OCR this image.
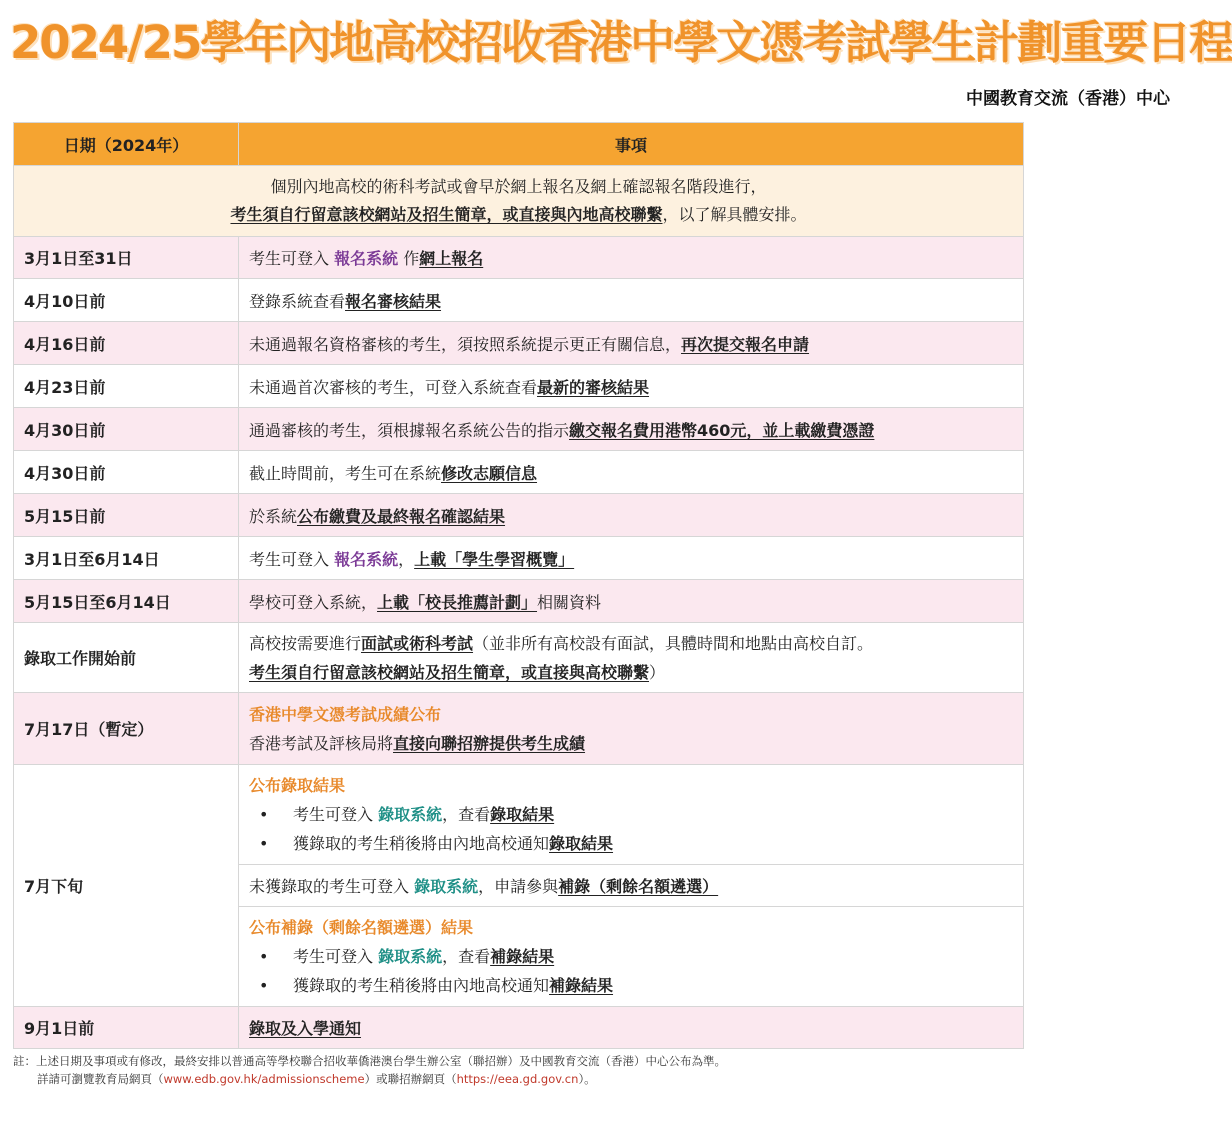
2024/25學年內地高校招收香港中學文憑考試學生計劃重要日程
中國教育交流（香港）中心
日期（2024年）	事項
個別內地高校的術科考試或會早於網上報名及網上確認報名階段進行，
考生須自行留意該校網站及招生簡章，或直接與內地高校聯繫，以了解具體安排。	
3月1日至31日	考生可登入 報名系統 作網上報名
4月10日前	登錄系統查看報名審核結果
4月16日前	未通過報名資格審核的考生，須按照系統提示更正有關信息，再次提交報名申請
4月23日前	未通過首次審核的考生，可登入系統查看最新的審核結果
4月30日前	通過審核的考生，須根據報名系統公告的指示繳交報名費用港幣460元，並上載繳費憑證
4月30日前	截止時間前，考生可在系統修改志願信息
5月15日前	於系統公布繳費及最終報名確認結果
3月1日至6月14日	考生可登入 報名系統，上載「學生學習概覽」
5月15日至6月14日	學校可登入系統，上載「校長推薦計劃」相關資料
錄取工作開始前	高校按需要進行面試或術科考試（並非所有高校設有面試，具體時間和地點由高校自訂。
考生須自行留意該校網站及招生簡章，或直接與高校聯繫）

7月17日（暫定）	香港中學文憑考試成績公布
香港考試及評核局將直接向聯招辦提供考生成績

7月下旬	公布錄取結果
• 考生可登入 錄取系統，查看錄取結果
• 獲錄取的考生稍後將由內地高校通知錄取結果

	未獲錄取的考生可登入 錄取系統，申請參與補錄（剩餘名額遴選）

	公布補錄（剩餘名額遴選）結果
• 考生可登入 錄取系統，查看補錄結果
• 獲錄取的考生稍後將由內地高校通知補錄結果

9月1日前	錄取及入學通知
註：上述日期及事項或有修改，最終安排以普通高等學校聯合招收華僑港澳台學生辦公室（聯招辦）及中國教育交流（香港）中心公布為準。
詳請可瀏覽教育局網頁（www.edb.gov.hk/admissionscheme）或聯招辦網頁（https://eea.gd.gov.cn）。
